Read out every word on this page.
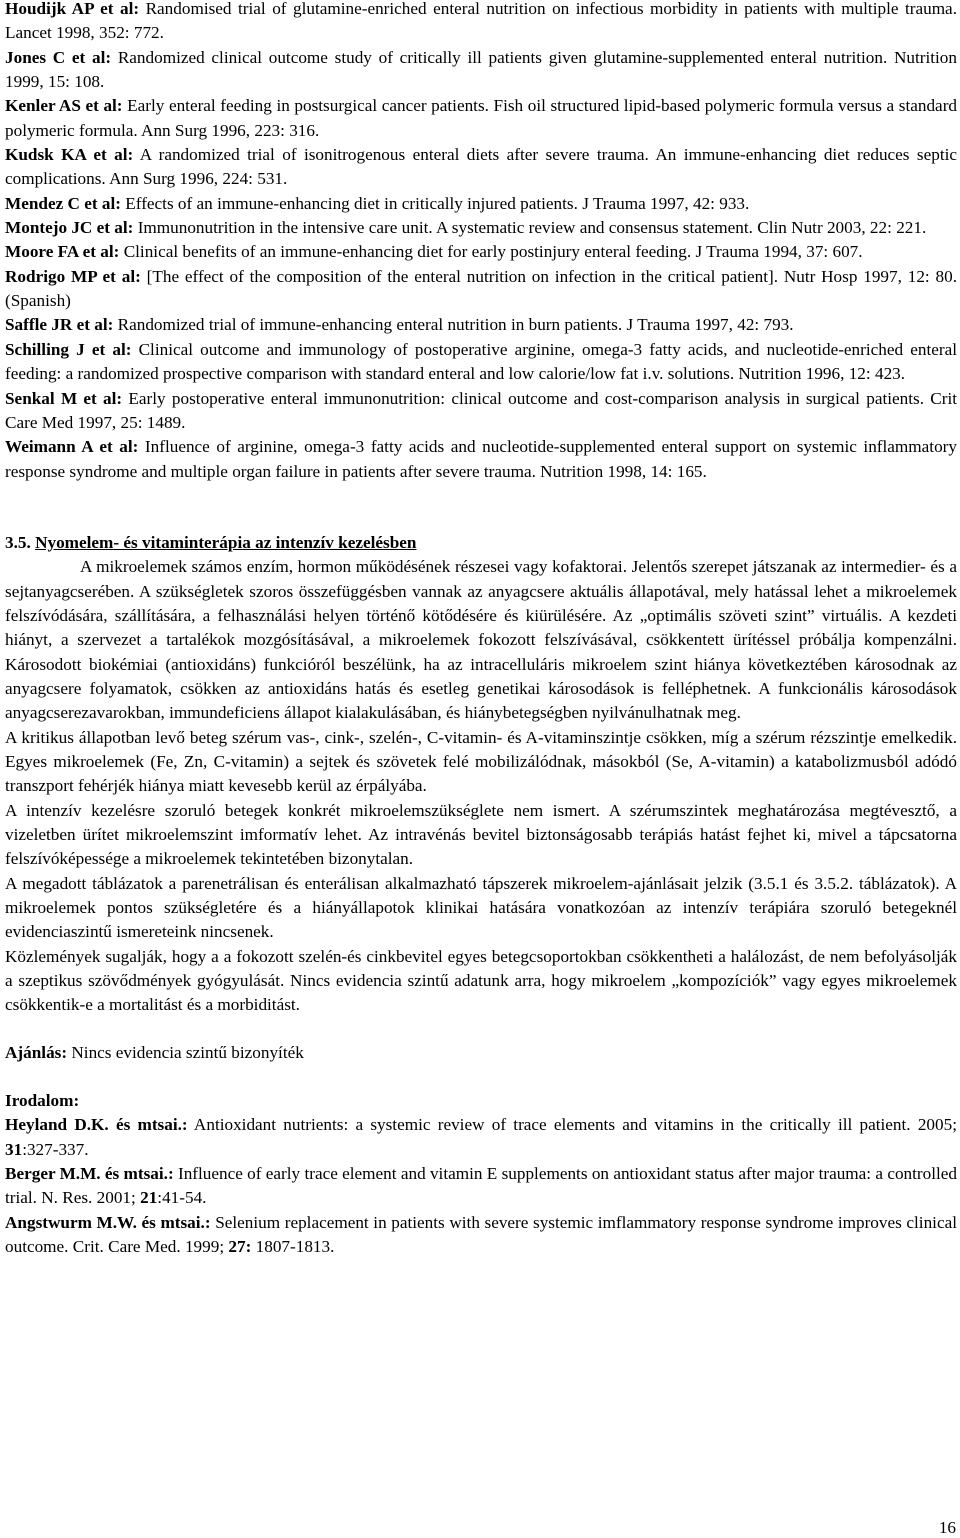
Houdijk AP et al: Randomised trial of glutamine-enriched enteral nutrition on infectious morbidity in patients with multiple trauma. Lancet 1998, 352: 772.

Jones C et al: Randomized clinical outcome study of critically ill patients given glutamine-supplemented enteral nutrition. Nutrition 1999, 15: 108.

Kenler AS et al: Early enteral feeding in postsurgical cancer patients. Fish oil structured lipid-based polymeric formula versus a standard polymeric formula. Ann Surg 1996, 223: 316.

Kudsk KA et al: A randomized trial of isonitrogenous enteral diets after severe trauma. An immune-enhancing diet reduces septic complications. Ann Surg 1996, 224: 531.

Mendez C et al: Effects of an immune-enhancing diet in critically injured patients. J Trauma 1997, 42: 933.

Montejo JC et al: Immunonutrition in the intensive care unit. A systematic review and consensus statement. Clin Nutr 2003, 22: 221.

Moore FA et al: Clinical benefits of an immune-enhancing diet for early postinjury enteral feeding. J Trauma 1994, 37: 607.

Rodrigo MP et al: [The effect of the composition of the enteral nutrition on infection in the critical patient]. Nutr Hosp 1997, 12: 80. (Spanish)

Saffle JR et al: Randomized trial of immune-enhancing enteral nutrition in burn patients. J Trauma 1997, 42: 793.

Schilling J et al: Clinical outcome and immunology of postoperative arginine, omega-3 fatty acids, and nucleotide-enriched enteral feeding: a randomized prospective comparison with standard enteral and low calorie/low fat i.v. solutions. Nutrition 1996, 12: 423.

Senkal M et al: Early postoperative enteral immunonutrition: clinical outcome and cost-comparison analysis in surgical patients. Crit Care Med 1997, 25: 1489.

Weimann A et al: Influence of arginine, omega-3 fatty acids and nucleotide-supplemented enteral support on systemic inflammatory response syndrome and multiple organ failure in patients after severe trauma. Nutrition 1998, 14: 165.

3.5. Nyomelem- és vitaminterápia az intenzív kezelésben

A mikroelemek számos enzím, hormon működésének részesei vagy kofaktorai. Jelentős szerepet játszanak az intermedier- és a sejtanyagcserében. A szükségletek szoros összefüggésben vannak az anyagcsere aktuális állapotával, mely hatással lehet a mikroelemek felszívódására, szállítására, a felhasználási helyen történő kötődésére és kiürülésére. Az „optimális szöveti szint” virtuális. A kezdeti hiányt, a szervezet a tartalékok mozgósításával, a mikroelemek fokozott felszívásával, csökkentett ürítéssel próbálja kompenzálni. Károsodott biokémiai (antioxidáns) funkcióról beszélünk, ha az intracelluláris mikroelem szint hiánya következtében károsodnak az anyagcsere folyamatok, csökken az antioxidáns hatás és esetleg genetikai károsodások is felléphetnek. A funkcionális károsodások anyagcserezavarokban, immundeficiens állapot kialakulásában, és hiánybetegségben nyilvánulhatnak meg.

A kritikus állapotban levő beteg szérum vas-, cink-, szelén-, C-vitamin- és A-vitaminszintje csökken, míg a szérum rézszintje emelkedik. Egyes mikroelemek (Fe, Zn, C-vitamin) a sejtek és szövetek felé mobilizálódnak, másokból (Se, A-vitamin) a katabolizmusból adódó transzport fehérjék hiánya miatt kevesebb kerül az érpályába.

A intenzív kezelésre szoruló betegek konkrét mikroelemszükséglete nem ismert. A szérumszintek meghatározása megtévesztő, a vizeletben ürítet mikroelemszint imformatív lehet. Az intravénás bevitel biztonságosabb terápiás hatást fejhet ki, mivel a tápcsatorna felszívóképessége a mikroelemek tekintetében bizonytalan.

A megadott táblázatok a parenetrálisan és enterálisan alkalmazható tápszerek mikroelem-ajánlásait jelzik (3.5.1 és 3.5.2. táblázatok). A mikroelemek pontos szükségletére és a hiányállapotok klinikai hatására vonatkozóan az intenzív terápiára szoruló betegeknél evidenciaszintű ismereteink nincsenek.

Közlemények sugalják, hogy a a fokozott szelén-és cinkbevitel egyes betegcsoportokban csökkentheti a halálozást, de nem befolyásolják a szeptikus szövődmények gyógyulását. Nincs evidencia szintű adatunk arra, hogy mikroelem „kompozíciók” vagy egyes mikroelemek csökkentik-e a mortalitást és a morbiditást.

Ajánlás: Nincs evidencia szintű bizonyíték

Irodalom:

Heyland D.K. és mtsai.: Antioxidant nutrients: a systemic review of trace elements and vitamins in the critically ill patient. 2005; 31:327-337.

Berger M.M. és mtsai.: Influence of early trace element and vitamin E supplements on antioxidant status after major trauma: a controlled trial. N. Res. 2001; 21:41-54.

Angstwurm M.W. és mtsai.: Selenium replacement in patients with severe systemic imflammatory response syndrome improves clinical outcome. Crit. Care Med. 1999; 27: 1807-1813.

16
